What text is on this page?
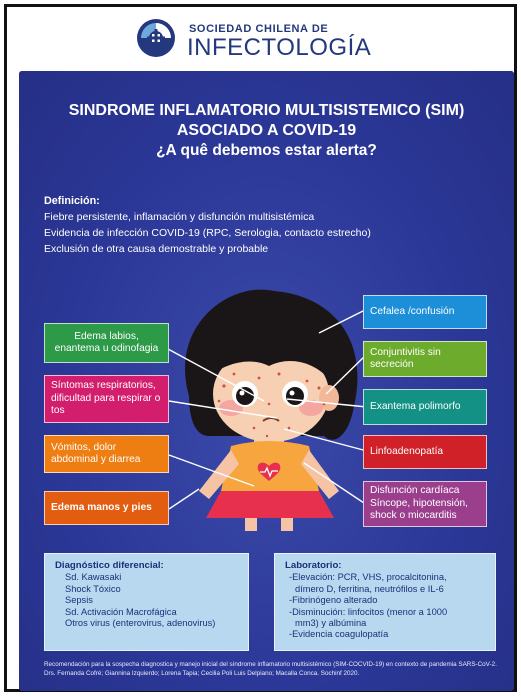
SOCIEDAD CHILENA DE
INFECTOLOGÍA
SINDROME INFLAMATORIO MULTISISTEMICO (SIM)
ASOCIADO A COVID-19
¿A quê debemos estar alerta?
Definición:
Fiebre persistente, inflamación y disfunción multisistémica
Evidencia de infección COVID-19 (RPC, Serologia, contacto estrecho)
Exclusión de otra causa demostrable y probable
Edema labios, enantema u odinofagia
Síntomas respiratorios, dificultad para respirar o tos
Vómitos, dolor abdominal y diarrea
Edema manos y pies
Cefalea /confusión
Conjuntivitis sin secreción
Exantema polimorfo
Linfoadenopatía
Disfunción cardíaca Síncope, hipotensión, shock o miocarditis
Diagnóstico diferencial:
Sd. Kawasaki
Shock Tóxico
Sepsis
Sd. Activación Macrofágica
Otros virus (enterovirus, adenovirus)
Laboratorio:
-Elevación: PCR, VHS, procalcitonina,
dímero D, ferritina, neutrófilos e IL-6
-Fibrinógeno alterado
-Disminución: linfocitos (menor a 1000
mm3) y albúmina
-Evidencia coagulopatía
Recomendación para la sospecha diagnostica y manejo inicial del síndrome inflamatorio multisistémico (SIM-COCVID-19) en contexto de pandemia SARS-CoV-2. Drs. Fernanda Cofré; Giannina Izquierdo; Lorena Tapia; Cecilia Poli Luis Delpiano; Macalla Conca. Sochinf 2020.
